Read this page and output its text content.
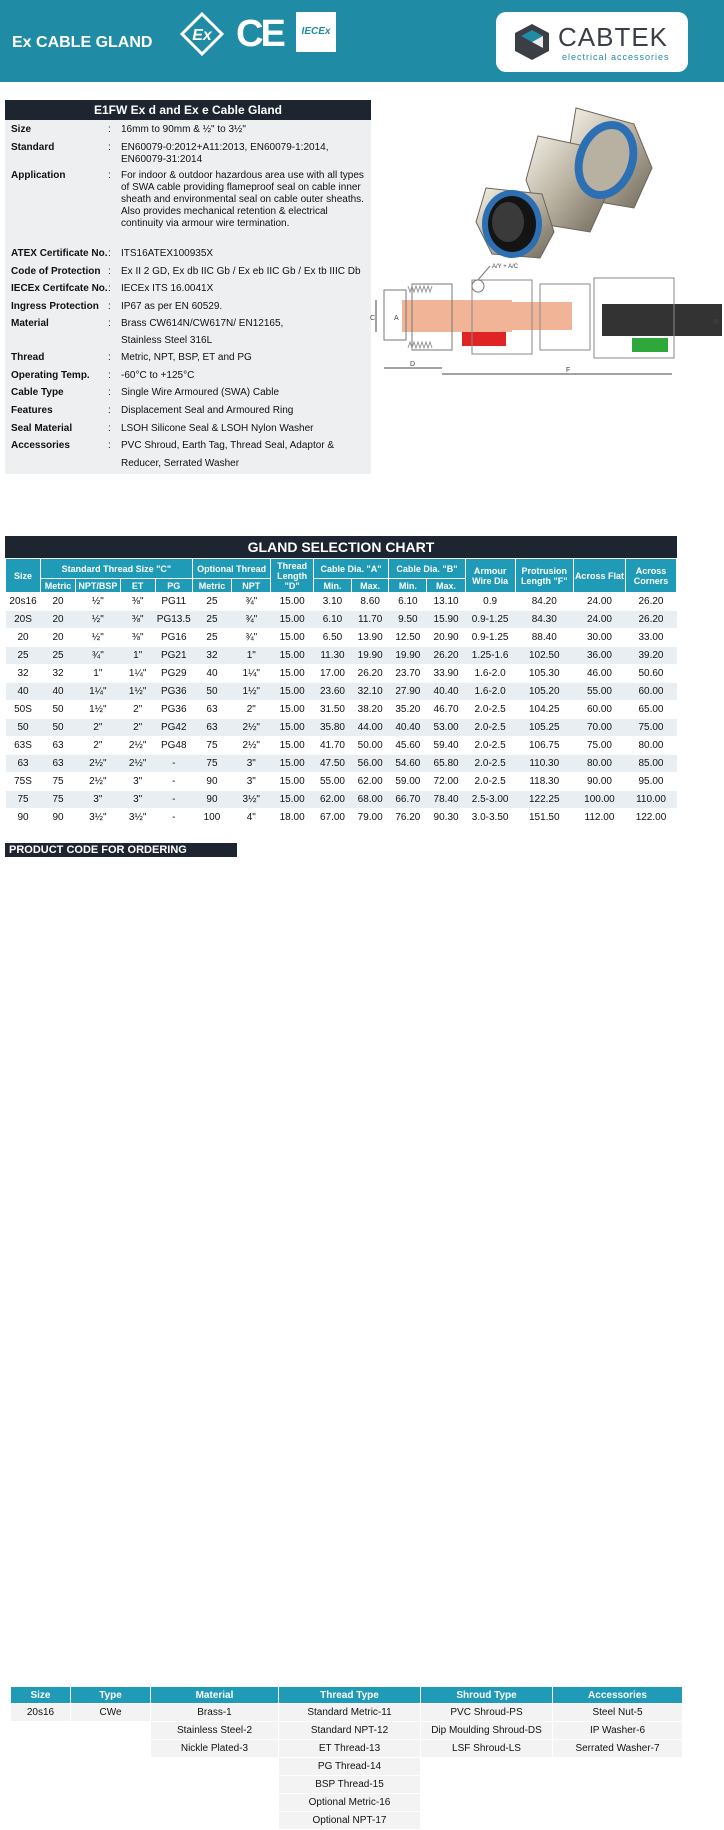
Ex CABLE GLAND Ex CE	IECEx	CABTEK
electrical accessories
E1FW Ex d and Ex e Cable Gland
Size	: 16mm to 90mm & ½" to 3½"
Standard	: EN60079-0:2012+A11:2013, EN60079-1:2014, EN60079-31:2014
Application	: For indoor & outdoor hazardous area use with all types of SWA cable providing flameproof seal on cable inner sheath and environmental seal on cable outer sheaths. Also provides mechanical retention & electrical continuity via armour wire termination.
ATEX Certificate No. : ITS16ATEX100935X
Code of Protection : Ex II 2 GD, Ex db IIC Gb / Ex eb IIC Gb / Ex tb IIIC Db
IECEx Certifcate No. : IECEx ITS 16.0041X
Ingress Protection : IP67 as per EN 60529.
Material	: Brass CW614N/CW617N/ EN12165,
Stainless Steel 316L
Thread	: Metric, NPT, BSP, ET and PG
Operating Temp.	: -60°C to +125°C
Cable Type	: Single Wire Armoured (SWA) Cable
Features	: Displacement Seal and Armoured Ring
Seal Material	: LSOH Silicone Seal & LSOH Nylon Washer
Accessories	: PVC Shroud, Earth Tag, Thread Seal, Adaptor &
Reducer, Serrated Washer
A/Y + A/C
C	A
B
D
F
GLAND SELECTION CHART
Size	Standard Thread Size "C"				Optional Thread		Thread Length "D"	Cable Dia. "A"		Cable Dia. "B"		Armour Wire Dia	Protrusion Length "F"	Across Flat	Across Corners
	Metric	NPT/BSP	ET	PG	Metric	NPT		Min.	Max.	Min.	Max.				
20s16	20	½"	⅜"	PG11	25	¾"	15.00	3.10	8.60	6.10	13.10	0.9	84.20	24.00	26.20
20S	20	½"	⅜"	PG13.5	25	¾"	15.00	6.10	11.70	9.50	15.90	0.9-1.25	84.30	24.00	26.20
20	20	½"	⅜"	PG16	25	¾"	15.00	6.50	13.90	12.50	20.90	0.9-1.25	88.40	30.00	33.00
25	25	¾"	1"	PG21	32	1"	15.00	11.30	19.90	19.90	26.20	1.25-1.6	102.50	36.00	39.20
32	32	1"	1¼"	PG29	40	1¼"	15.00	17.00	26.20	23.70	33.90	1.6-2.0	105.30	46.00	50.60
40	40	1¼"	1½"	PG36	50	1½"	15.00	23.60	32.10	27.90	40.40	1.6-2.0	105.20	55.00	60.00
50S	50	1½"	2"	PG36	63	2"	15.00	31.50	38.20	35.20	46.70	2.0-2.5	104.25	60.00	65.00
50	50	2"	2"	PG42	63	2½"	15.00	35.80	44.00	40.40	53.00	2.0-2.5	105.25	70.00	75.00
63S	63	2"	2½"	PG48	75	2½"	15.00	41.70	50.00	45.60	59.40	2.0-2.5	106.75	75.00	80.00
63	63	2½"	2½"	-	75	3"	15.00	47.50	56.00	54.60	65.80	2.0-2.5	110.30	80.00	85.00
75S	75	2½"	3"	-	90	3"	15.00	55.00	62.00	59.00	72.00	2.0-2.5	118.30	90.00	95.00
75	75	3"	3"	-	90	3½"	15.00	62.00	68.00	66.70	78.40	2.5-3.00	122.25	100.00	110.00
90	90	3½"	3½"	-	100	4"	18.00	67.00	79.00	76.20	90.30	3.0-3.50	151.50	112.00	122.00
PRODUCT CODE FOR ORDERING PURPOSE
Size	Type	Material	Thread Type	Shroud Type	Accessories
20s16	CWe	Brass-1	Standard Metric-11	PVC Shroud-PS	Steel Nut-5
		Stainless Steel-2	Standard NPT-12	Dip Moulding Shroud-DS	IP Washer-6
		Nickle Plated-3	ET Thread-13	LSF Shroud-LS	Serrated Washer-7
			PG Thread-14		
			BSP Thread-15		
			Optional Metric-16		
			Optional NPT-17		
